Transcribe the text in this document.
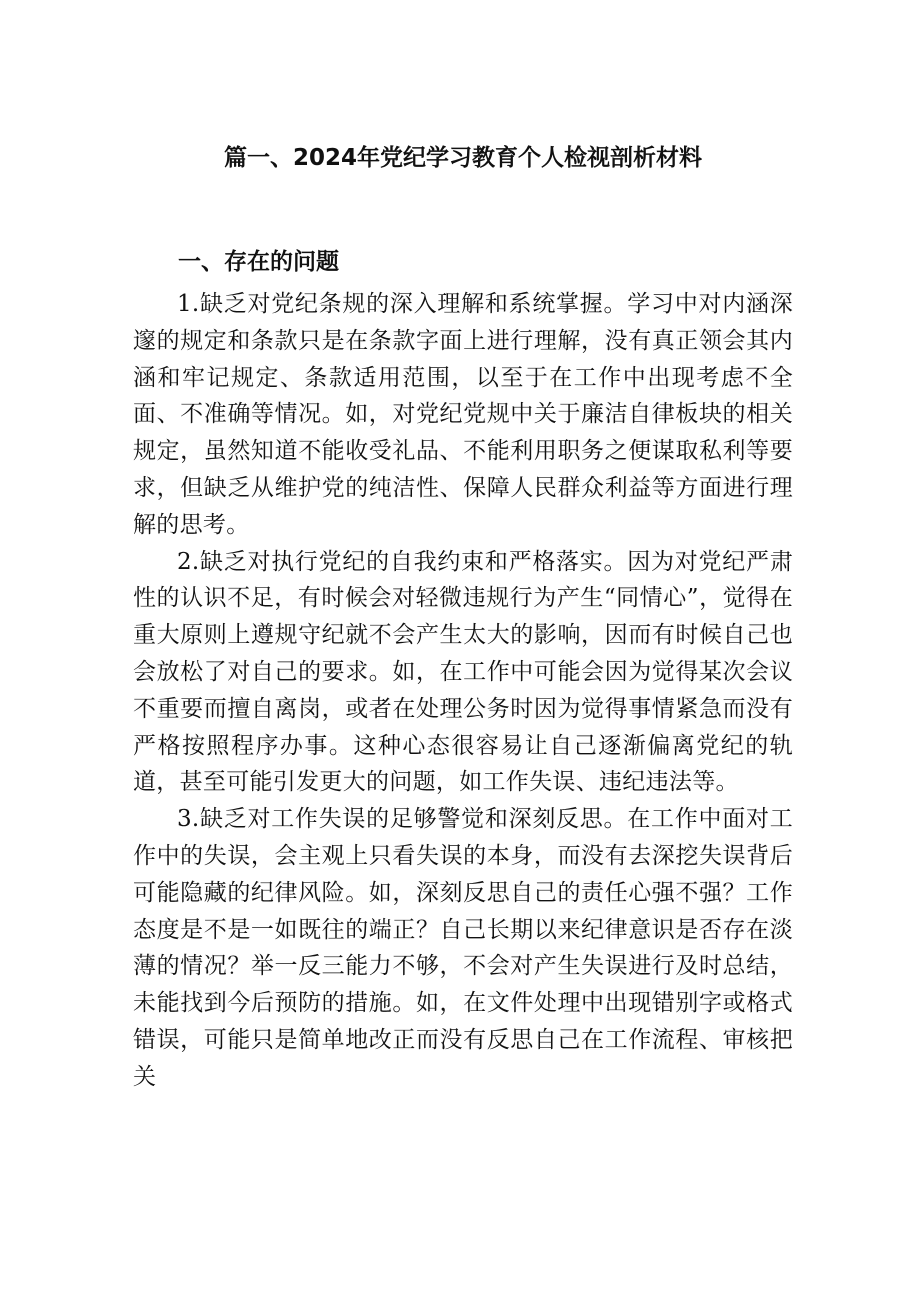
篇一、2024年党纪学习教育个人检视剖析材料
一、存在的问题

1.缺乏对党纪条规的深入理解和系统掌握。学习中对内涵深邃的规定和条款只是在条款字面上进行理解，没有真正领会其内涵和牢记规定、条款适用范围，以至于在工作中出现考虑不全面、不准确等情况。如，对党纪党规中关于廉洁自律板块的相关规定，虽然知道不能收受礼品、不能利用职务之便谋取私利等要求，但缺乏从维护党的纯洁性、保障人民群众利益等方面进行理解的思考。

2.缺乏对执行党纪的自我约束和严格落实。因为对党纪严肃性的认识不足，有时候会对轻微违规行为产生“同情心”，觉得在重大原则上遵规守纪就不会产生太大的影响，因而有时候自己也会放松了对自己的要求。如，在工作中可能会因为觉得某次会议不重要而擅自离岗，或者在处理公务时因为觉得事情紧急而没有严格按照程序办事。这种心态很容易让自己逐渐偏离党纪的轨道，甚至可能引发更大的问题，如工作失误、违纪违法等。

3.缺乏对工作失误的足够警觉和深刻反思。在工作中面对工作中的失误，会主观上只看失误的本身，而没有去深挖失误背后可能隐藏的纪律风险。如，深刻反思自己的责任心强不强？工作态度是不是一如既往的端正？自己长期以来纪律意识是否存在淡薄的情况？举一反三能力不够，不会对产生失误进行及时总结，未能找到今后预防的措施。如，在文件处理中出现错别字或格式错误，可能只是简单地改正而没有反思自己在工作流程、审核把关
